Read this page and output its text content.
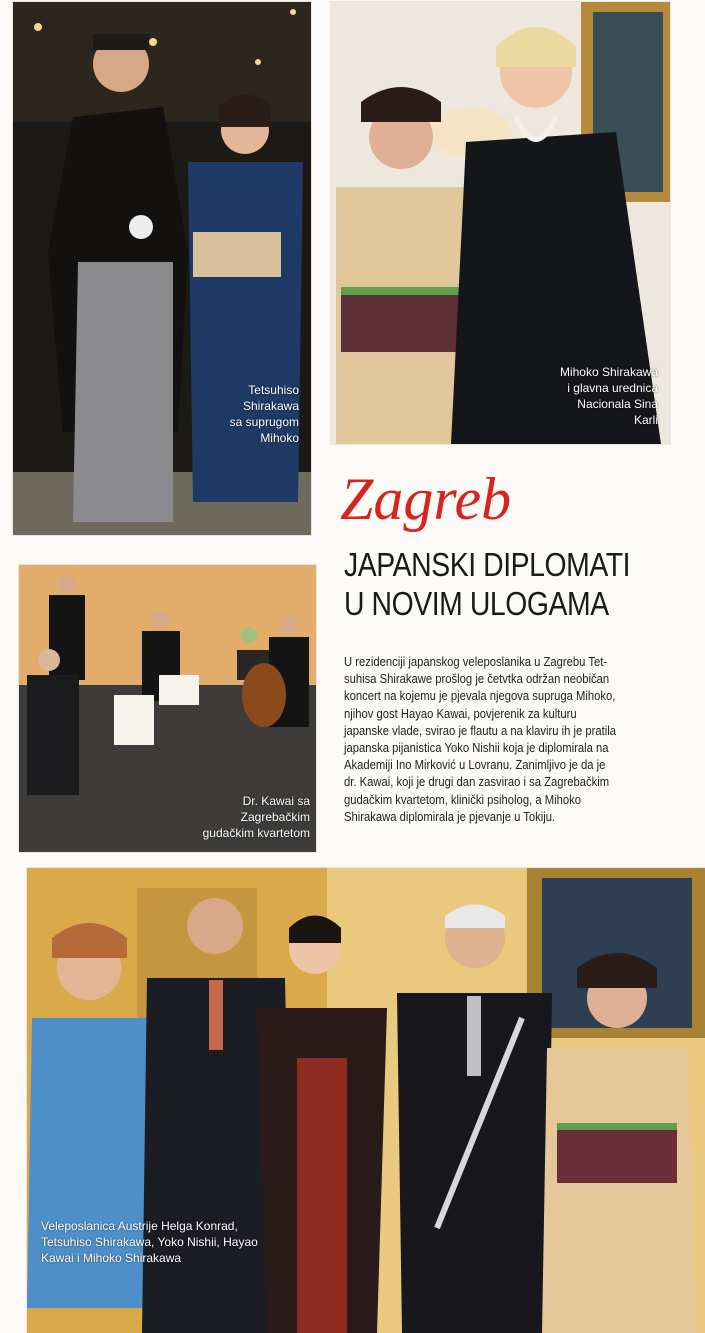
Tetsuhiso
Shirakawa
sa suprugom
Mihoko
Mihoko Shirakawa
i glavna urednica
Nacionala Sina
Karli
Zagreb
JAPANSKI DIPLOMATI
U NOVIM ULOGAMA
Dr. Kawai sa
Zagrebačkim
gudačkim kvartetom
U rezidenciji japanskog veleposlanika u Zagrebu Tet-
suhisa Shirakawe prošlog je četvtka održan neobičan
koncert na kojemu je pjevala njegova supruga Mihoko,
njihov gost Hayao Kawai, povjerenik za kulturu
japanske vlade, svirao je flautu a na klaviru ih je pratila
japanska pijanistica Yoko Nishii koja je diplomirala na
Akademiji Ino Mirković u Lovranu. Zanimljivo je da je
dr. Kawai, koji je drugi dan zasvirao i sa Zagrebačkim
gudačkim kvartetom, klinički psiholog, a Mihoko
Shirakawa diplomirala je pjevanje u Tokiju.
Veleposlanica Austrije Helga Konrad,
Tetsuhiso Shirakawa, Yoko Nishii, Hayao
Kawai i Mihoko Shirakawa
